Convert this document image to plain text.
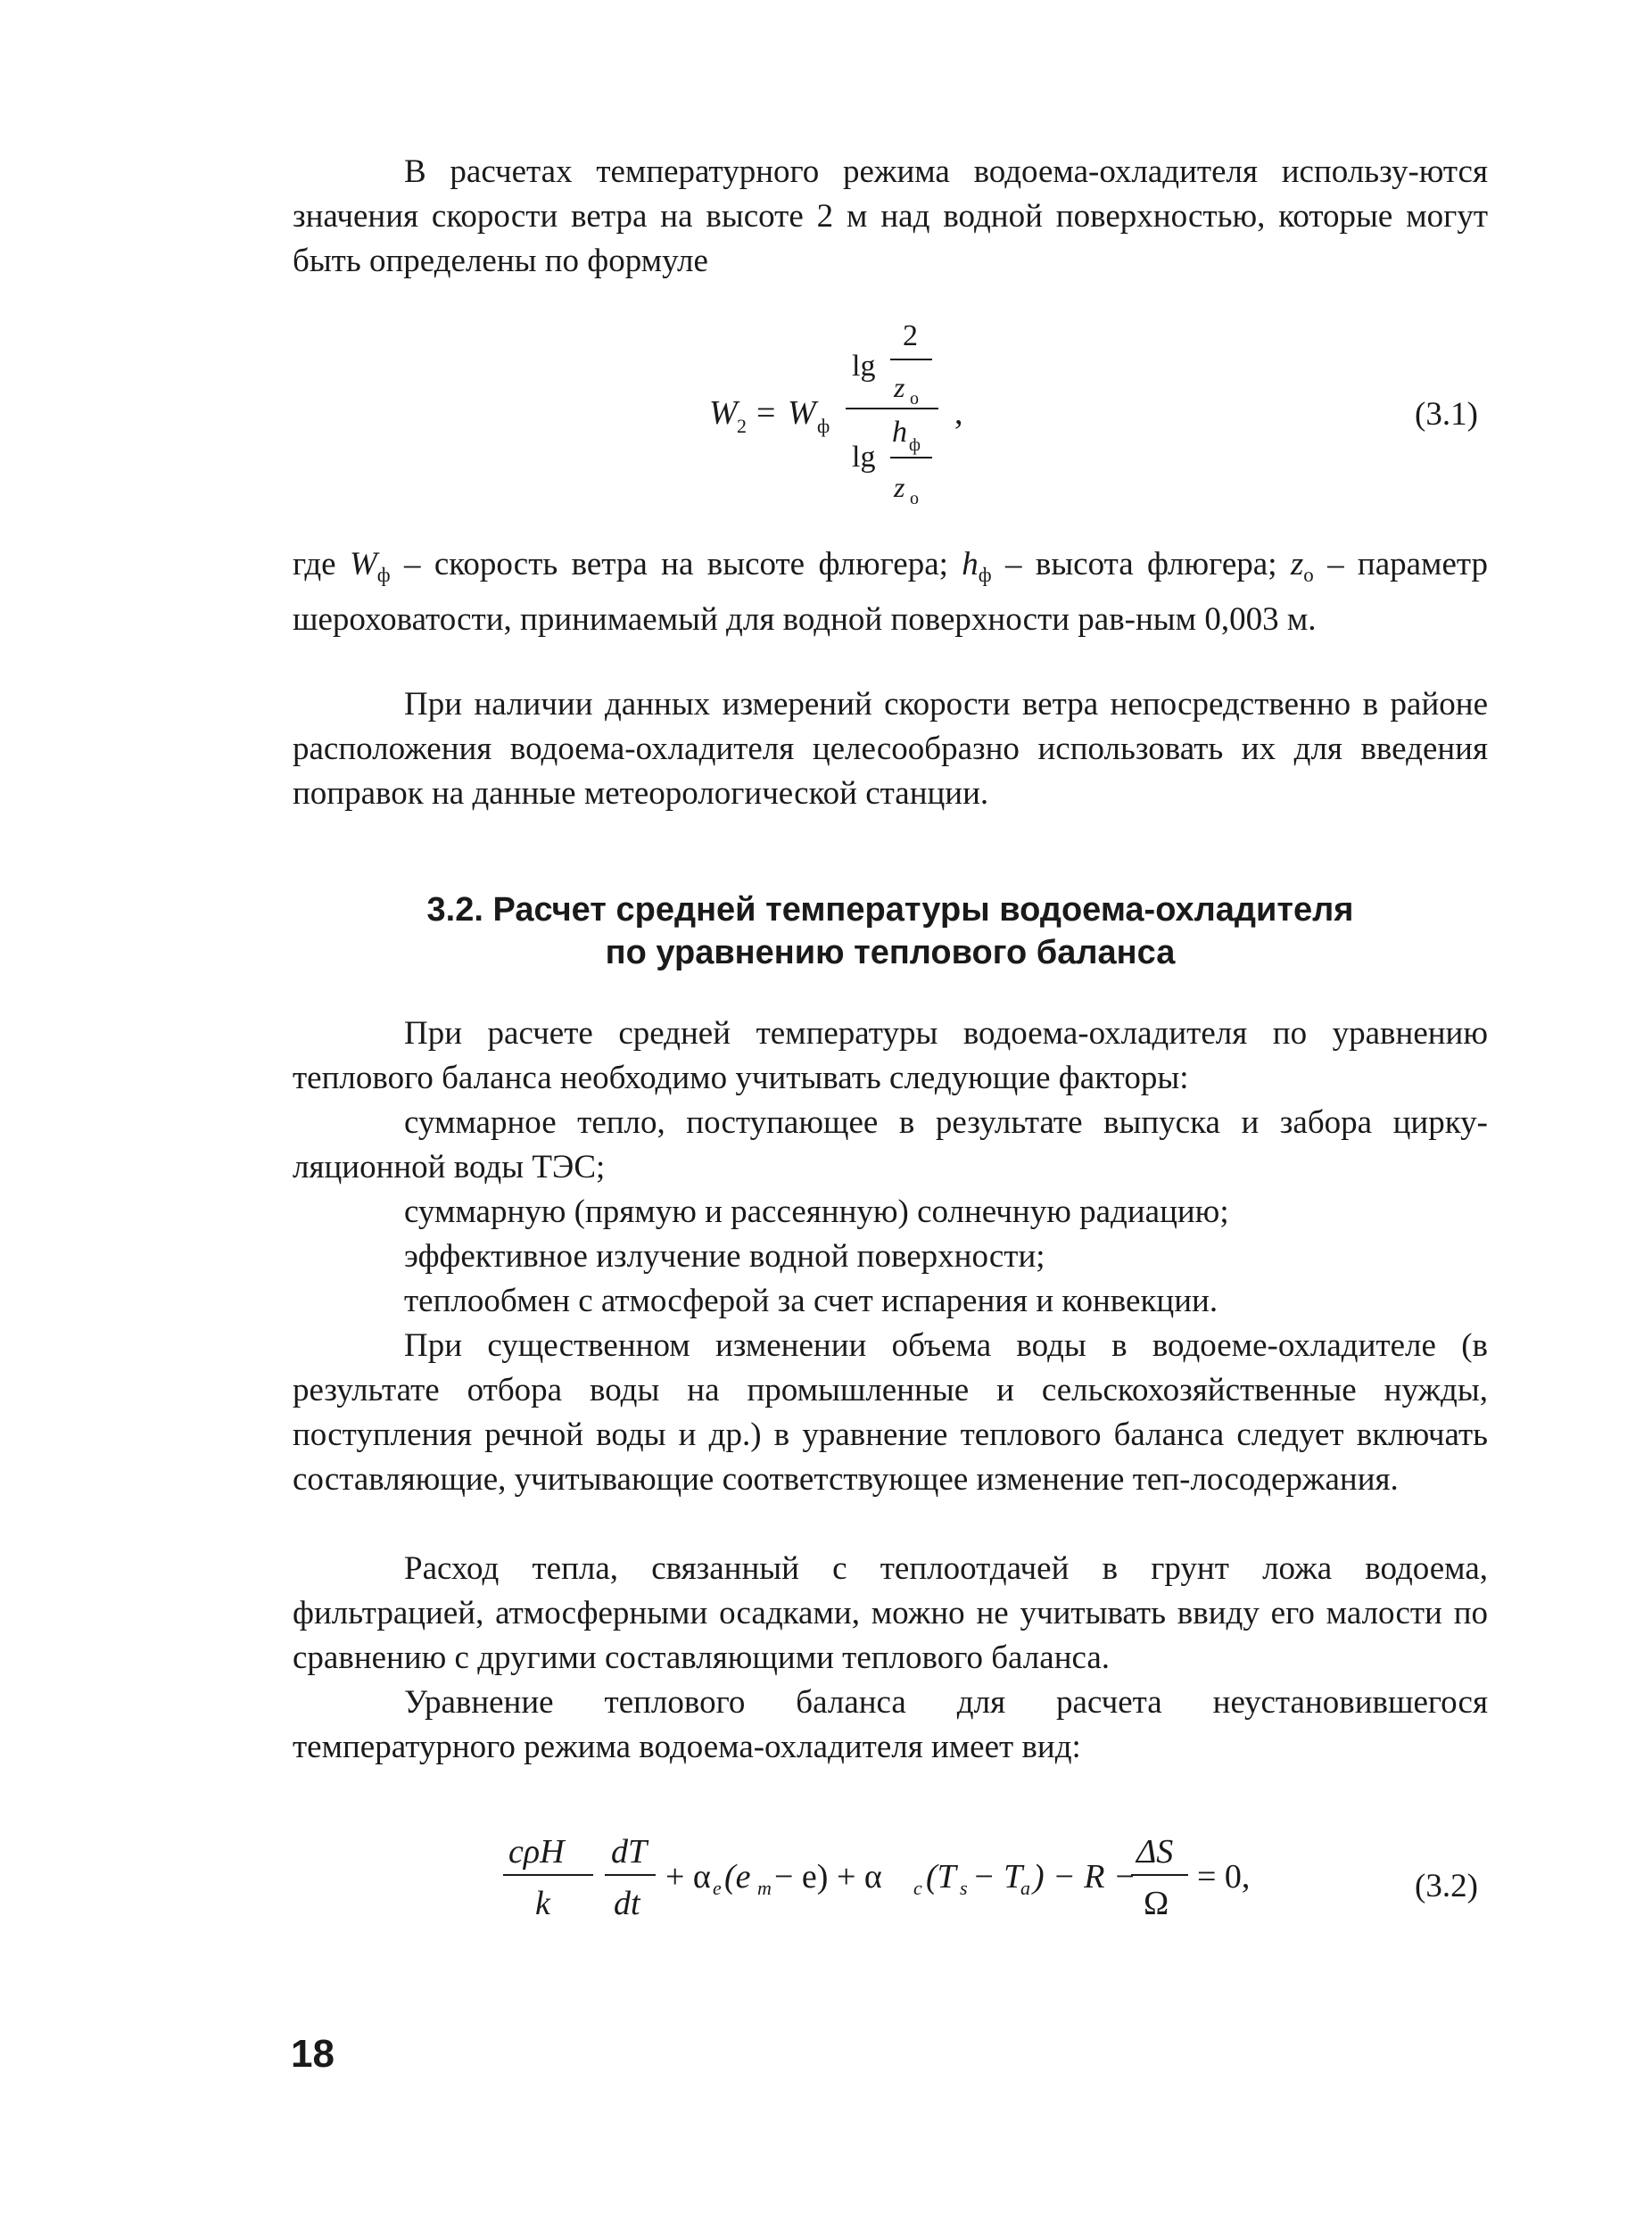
В расчетах температурного режима водоема-охладителя использу-ются значения скорости ветра на высоте 2 м над водной поверхностью, которые могут быть определены по формуле

W 2 = W ф
lg
2
z о
h ф
lg
z о
,	(3.1)

где $W_ф$ – скорость ветра на высоте флюгера; $h_ф$ – высота флюгера; $z_о$ – параметр шероховатости, принимаемый для водной поверхности рав-ным 0,003 м.

При наличии данных измерений скорости ветра непосредственно в районе расположения водоема-охладителя целесообразно использовать их для введения поправок на данные метеорологической станции.

3.2. Расчет средней температуры водоема-охладителя
по уравнению теплового баланса

При расчете средней температуры водоема-охладителя по уравнению теплового баланса необходимо учитывать следующие факторы:

суммарное тепло, поступающее в результате выпуска и забора цирку-ляционной воды ТЭС;

суммарную (прямую и рассеянную) солнечную радиацию;

эффективное излучение водной поверхности;

теплообмен с атмосферой за счет испарения и конвекции.

При существенном изменении объема воды в водоеме-охладителе (в результате отбора воды на промышленные и сельскохозяйственные нужды, поступления речной воды и др.) в уравнение теплового баланса следует включать составляющие, учитывающие соответствующее изменение теп-лосодержания.

Расход тепла, связанный с теплоотдачей в грунт ложа водоема, фильтрацией, атмосферными осадками, можно не учитывать ввиду его малости по сравнению с другими составляющими теплового баланса.

Уравнение теплового баланса для расчета неустановившегося температурного режима водоема-охладителя имеет вид:

cρH
k
dT
dt
+ α e (e m − e) + α c (T s − T
a ) − R −
ΔS
Ω
= 0,	(3.2)
18
